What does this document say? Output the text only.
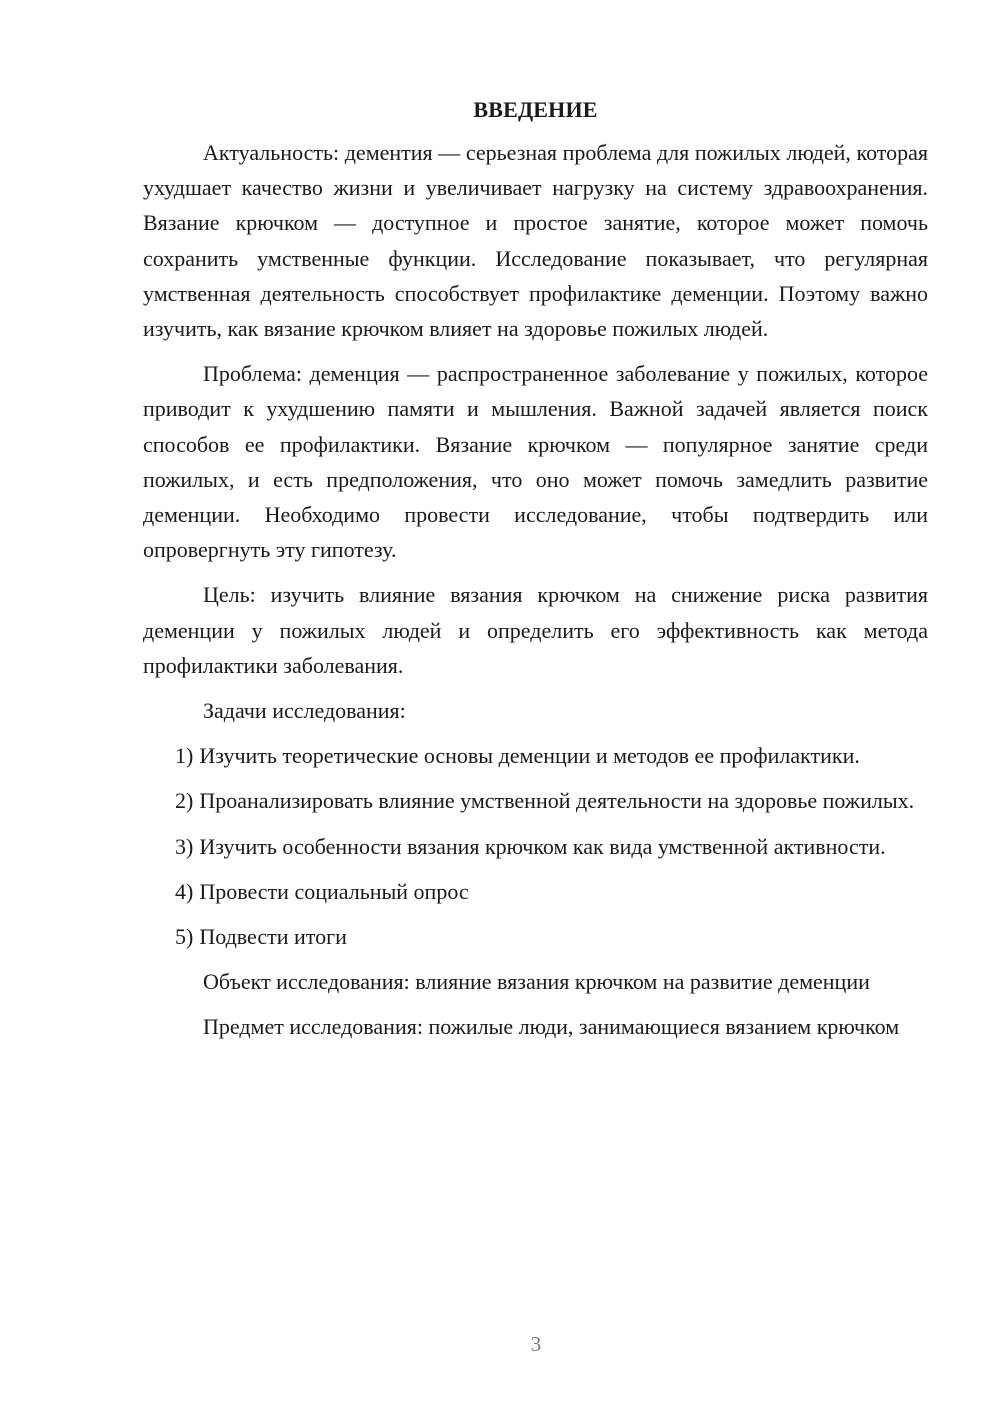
ВВЕДЕНИЕ

Актуальность: дементия — серьезная проблема для пожилых людей, которая ухудшает качество жизни и увеличивает нагрузку на систему здравоохранения. Вязание крючком — доступное и простое занятие, которое может помочь сохранить умственные функции. Исследование показывает, что регулярная умственная деятельность способствует профилактике деменции. Поэтому важно изучить, как вязание крючком влияет на здоровье пожилых людей.

Проблема: деменция — распространенное заболевание у пожилых, которое приводит к ухудшению памяти и мышления. Важной задачей является поиск способов ее профилактики. Вязание крючком — популярное занятие среди пожилых, и есть предположения, что оно может помочь замедлить развитие деменции. Необходимо провести исследование, чтобы подтвердить или опровергнуть эту гипотезу.

Цель: изучить влияние вязания крючком на снижение риска развития деменции у пожилых людей и определить его эффективность как метода профилактики заболевания.

Задачи исследования:

1) Изучить теоретические основы деменции и методов ее профилактики.
2) Проанализировать влияние умственной деятельности на здоровье пожилых.
3) Изучить особенности вязания крючком как вида умственной активности.
4) Провести социальный опрос
5) Подвести итоги

Объект исследования: влияние вязания крючком на развитие деменции

Предмет исследования: пожилые люди, занимающиеся вязанием крючком

3
